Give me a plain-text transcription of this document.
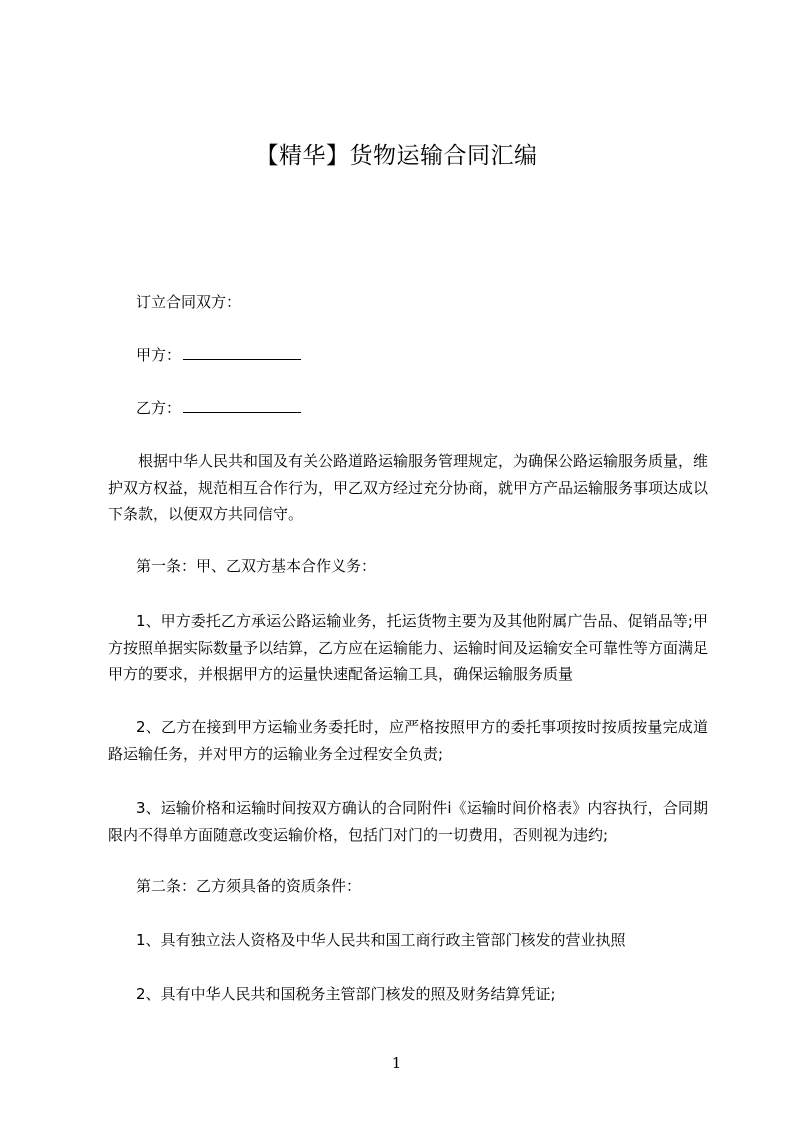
【精华】货物运输合同汇编
订立合同双方：
甲方：
乙方：
根据中华人民共和国及有关公路道路运输服务管理规定，为确保公路运输服务质量，维护双方权益，规范相互合作行为，甲乙双方经过充分协商，就甲方产品运输服务事项达成以下条款，以便双方共同信守。
第一条：甲、乙双方基本合作义务：
1、甲方委托乙方承运公路运输业务，托运货物主要为及其他附属广告品、促销品等;甲方按照单据实际数量予以结算，乙方应在运输能力、运输时间及运输安全可靠性等方面满足甲方的要求，并根据甲方的运量快速配备运输工具，确保运输服务质量
2、乙方在接到甲方运输业务委托时，应严格按照甲方的委托事项按时按质按量完成道路运输任务，并对甲方的运输业务全过程安全负责;
3、运输价格和运输时间按双方确认的合同附件ⅰ《运输时间价格表》内容执行，合同期限内不得单方面随意改变运输价格，包括门对门的一切费用，否则视为违约;
第二条：乙方须具备的资质条件：
1、具有独立法人资格及中华人民共和国工商行政主管部门核发的营业执照
2、具有中华人民共和国税务主管部门核发的照及财务结算凭证;
1
